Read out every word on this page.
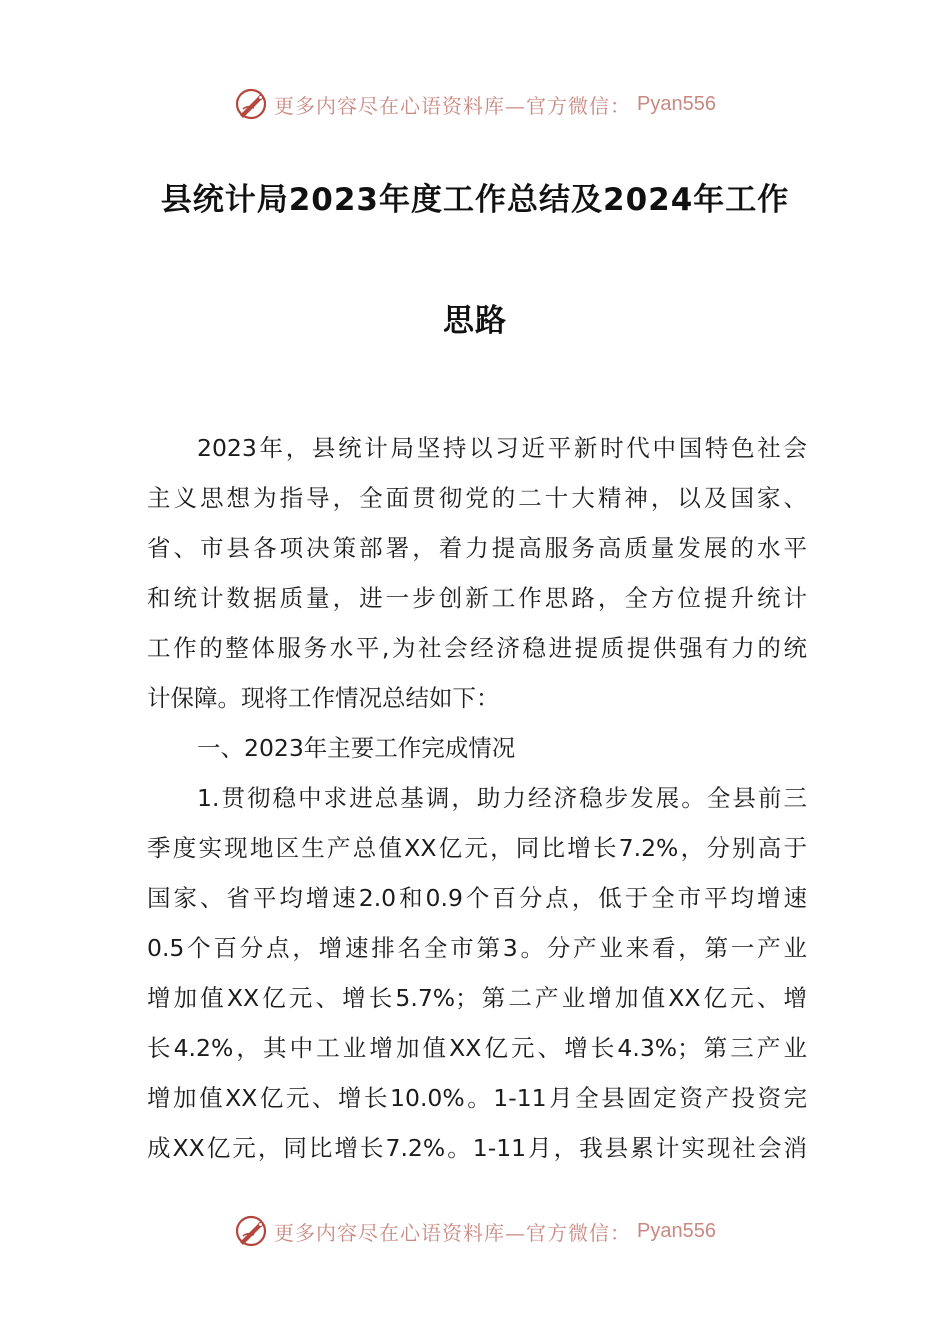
更多内容尽在心语资料库—官方微信： Pyan556
县统计局2023年度工作总结及2024年工作
思路
2023年，县统计局坚持以习近平新时代中国特色社会
主义思想为指导，全面贯彻党的二十大精神，以及国家、
省、市县各项决策部署，着力提高服务高质量发展的水平
和统计数据质量，进一步创新工作思路，全方位提升统计
工作的整体服务水平,为社会经济稳进提质提供强有力的统
计保障。现将工作情况总结如下：
一、2023年主要工作完成情况
1.贯彻稳中求进总基调，助力经济稳步发展。全县前三
季度实现地区生产总值XX亿元，同比增长7.2%，分别高于
国家、省平均增速2.0和0.9个百分点，低于全市平均增速
0.5个百分点，增速排名全市第3。分产业来看，第一产业
增加值XX亿元、增长5.7%；第二产业增加值XX亿元、增
长4.2%，其中工业增加值XX亿元、增长4.3%；第三产业
增加值XX亿元、增长10.0%。1-11月全县固定资产投资完
成XX亿元，同比增长7.2%。1-11月，我县累计实现社会消
更多内容尽在心语资料库—官方微信： Pyan556
